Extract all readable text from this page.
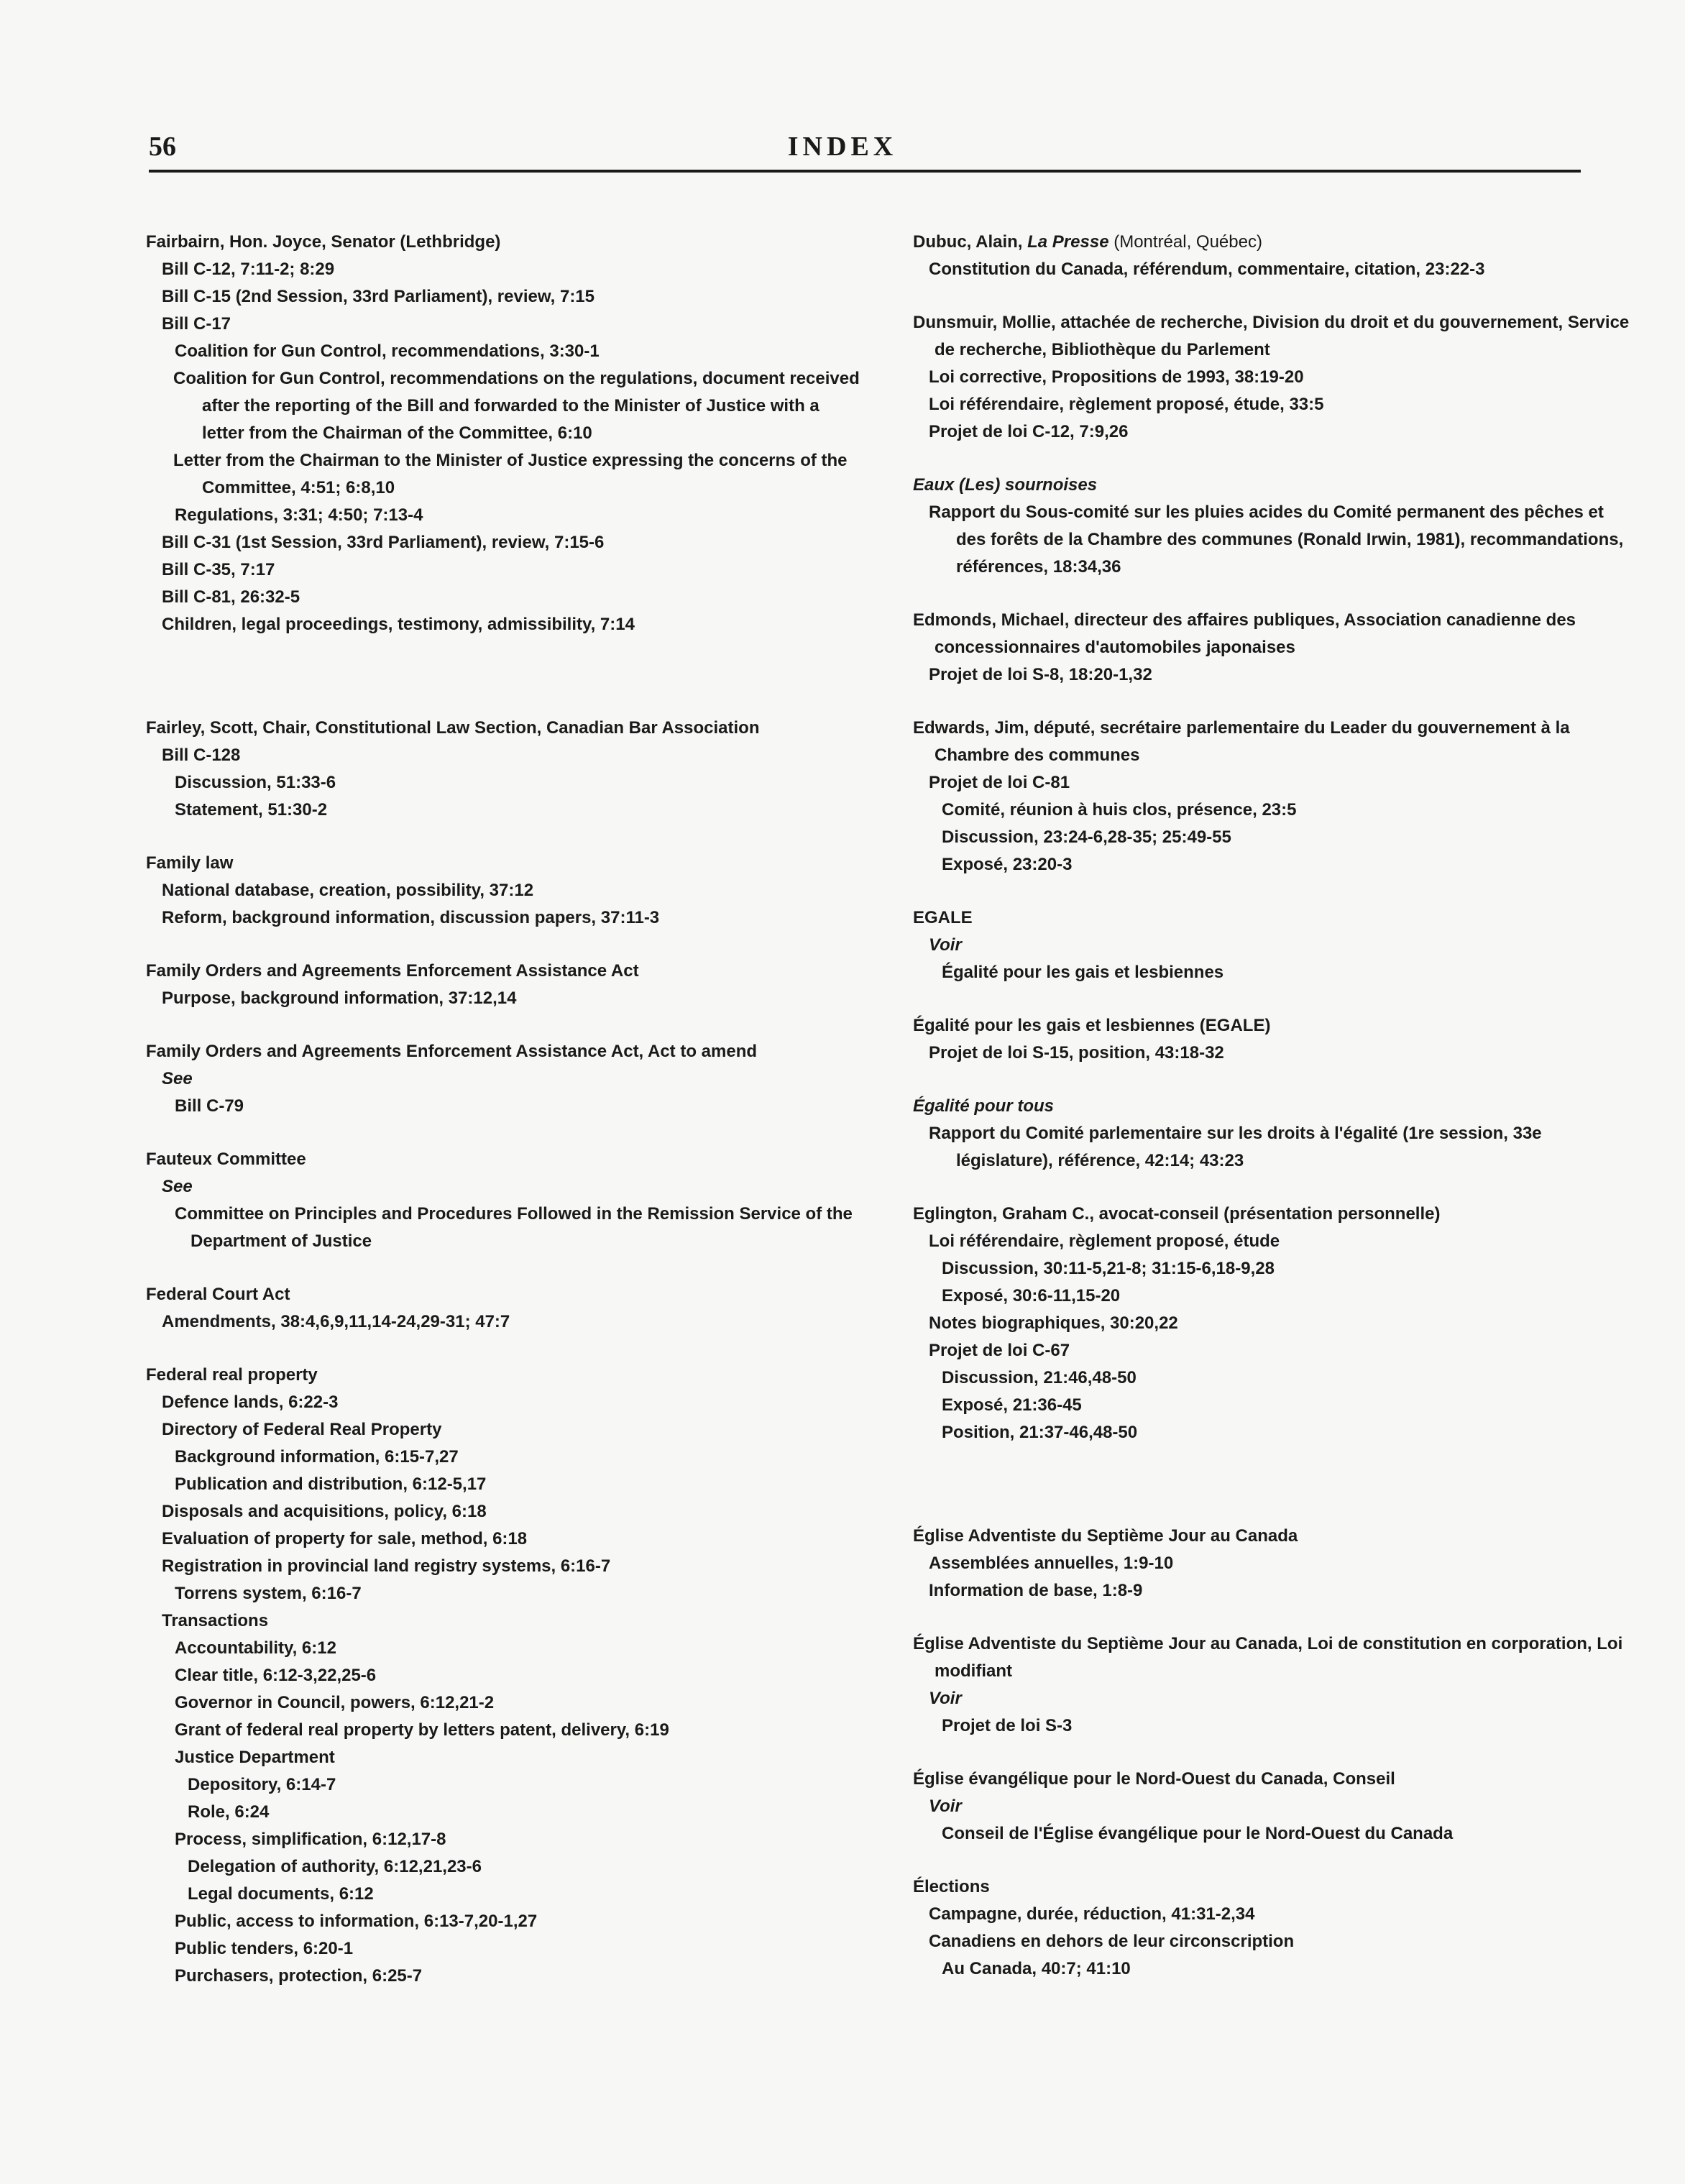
56	INDEX
Fairbairn, Hon. Joyce, Senator (Lethbridge)
Bill C-12, 7:11-2; 8:29
Bill C-15 (2nd Session, 33rd Parliament), review, 7:15
Bill C-17
Coalition for Gun Control, recommendations, 3:30-1
Coalition for Gun Control, recommendations on the regulations, document received after the reporting of the Bill and forwarded to the Minister of Justice with a letter from the Chairman of the Committee, 6:10
Letter from the Chairman to the Minister of Justice expressing the concerns of the Committee, 4:51; 6:8,10
Regulations, 3:31; 4:50; 7:13-4
Bill C-31 (1st Session, 33rd Parliament), review, 7:15-6
Bill C-35, 7:17
Bill C-81, 26:32-5
Children, legal proceedings, testimony, admissibility, 7:14
Fairley, Scott, Chair, Constitutional Law Section, Canadian Bar Association
Bill C-128
Discussion, 51:33-6
Statement, 51:30-2
Family law
National database, creation, possibility, 37:12
Reform, background information, discussion papers, 37:11-3
Family Orders and Agreements Enforcement Assistance Act
Purpose, background information, 37:12,14
Family Orders and Agreements Enforcement Assistance Act, Act to amend
See
Bill C-79
Fauteux Committee
See
Committee on Principles and Procedures Followed in the Remission Service of the Department of Justice
Federal Court Act
Amendments, 38:4,6,9,11,14-24,29-31; 47:7
Federal real property
Defence lands, 6:22-3
Directory of Federal Real Property
Background information, 6:15-7,27
Publication and distribution, 6:12-5,17
Disposals and acquisitions, policy, 6:18
Evaluation of property for sale, method, 6:18
Registration in provincial land registry systems, 6:16-7
Torrens system, 6:16-7
Transactions
Accountability, 6:12
Clear title, 6:12-3,22,25-6
Governor in Council, powers, 6:12,21-2
Grant of federal real property by letters patent, delivery, 6:19
Justice Department
Depository, 6:14-7
Role, 6:24
Process, simplification, 6:12,17-8
Delegation of authority, 6:12,21,23-6
Legal documents, 6:12
Public, access to information, 6:13-7,20-1,27
Public tenders, 6:20-1
Purchasers, protection, 6:25-7
Dubuc, Alain, La Presse (Montréal, Québec)
Constitution du Canada, référendum, commentaire, citation, 23:22-3
Dunsmuir, Mollie, attachée de recherche, Division du droit et du gouvernement, Service de recherche, Bibliothèque du Parlement
Loi corrective, Propositions de 1993, 38:19-20
Loi référendaire, règlement proposé, étude, 33:5
Projet de loi C-12, 7:9,26
Eaux (Les) sournoises
Rapport du Sous-comité sur les pluies acides du Comité permanent des pêches et des forêts de la Chambre des communes (Ronald Irwin, 1981), recommandations, références, 18:34,36
Edmonds, Michael, directeur des affaires publiques, Association canadienne des concessionnaires d'automobiles japonaises
Projet de loi S-8, 18:20-1,32
Edwards, Jim, député, secrétaire parlementaire du Leader du gouvernement à la Chambre des communes
Projet de loi C-81
Comité, réunion à huis clos, présence, 23:5
Discussion, 23:24-6,28-35; 25:49-55
Exposé, 23:20-3
EGALE
Voir
Égalité pour les gais et lesbiennes
Égalité pour les gais et lesbiennes (EGALE)
Projet de loi S-15, position, 43:18-32
Égalité pour tous
Rapport du Comité parlementaire sur les droits à l'égalité (1re session, 33e législature), référence, 42:14; 43:23
Eglington, Graham C., avocat-conseil (présentation personnelle)
Loi référendaire, règlement proposé, étude
Discussion, 30:11-5,21-8; 31:15-6,18-9,28
Exposé, 30:6-11,15-20
Notes biographiques, 30:20,22
Projet de loi C-67
Discussion, 21:46,48-50
Exposé, 21:36-45
Position, 21:37-46,48-50
Église Adventiste du Septième Jour au Canada
Assemblées annuelles, 1:9-10
Information de base, 1:8-9
Église Adventiste du Septième Jour au Canada, Loi de constitution en corporation, Loi modifiant
Voir
Projet de loi S-3
Église évangélique pour le Nord-Ouest du Canada, Conseil
Voir
Conseil de l'Église évangélique pour le Nord-Ouest du Canada
Élections
Campagne, durée, réduction, 41:31-2,34
Canadiens en dehors de leur circonscription
Au Canada, 40:7; 41:10
